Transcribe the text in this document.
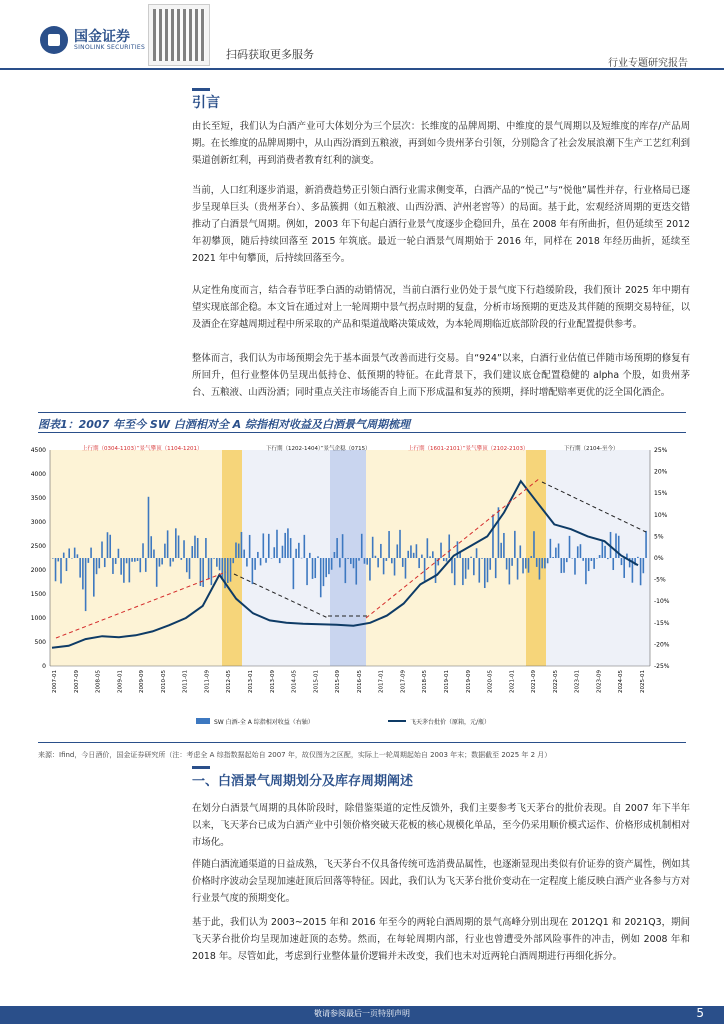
国金证券
SINOLINK SECURITIES
扫码获取更多服务
行业专题研究报告
引言
由长至短，我们认为白酒产业可大体划分为三个层次：长维度的品牌周期、中维度的景气周期以及短维度的库存/产品周期。在长维度的品牌周期中，从山西汾酒到五粮液，再到如今贵州茅台引领，分别隐含了社会发展浪潮下生产工艺红利到渠道创新红利，再到消费者教育红利的演变。
当前，人口红利逐步消退，新消费趋势正引领白酒行业需求侧变革，白酒产品的“悦己”与“悦他”属性并存，行业格局已逐步呈现单巨头（贵州茅台）、多品簇拥（如五粮液、山西汾酒、泸州老窖等）的局面。基于此，宏观经济周期的更迭交错推动了白酒景气周期。例如，2003 年下旬起白酒行业景气度逐步企稳回升，虽在 2008 年有所曲折，但仍延续至 2012 年初攀顶，随后持续回落至 2015 年筑底。最近一轮白酒景气周期始于 2016 年，同样在 2018 年经历曲折，延续至 2021 年中旬攀顶，后持续回落至今。
从定性角度而言，结合春节旺季白酒的动销情况，当前白酒行业仍处于景气度下行趋缓阶段，我们预计 2025 年中期有望实现底部企稳。本文旨在通过对上一轮周期中景气拐点时期的复盘，分析市场预期的更迭及其伴随的预期交易特征，以及酒企在穿越周期过程中所采取的产品和渠道战略决策成效，为本轮周期临近底部阶段的行业配置提供参考。
整体而言，我们认为市场预期会先于基本面景气改善而进行交易。自“924”以来，白酒行业估值已伴随市场预期的修复有所回升，但行业整体仍呈现出低持仓、低预期的特征。在此背景下，我们建议底仓配置稳健的 alpha 个股，如贵州茅台、五粮液、山西汾酒；同时重点关注市场能否自上而下形成温和复苏的预期，择时增配赔率更优的泛全国化酒企。
图表1：2007 年至今 SW 白酒相对全 A 综指相对收益及白酒景气周期梳理
上行期（0304-1103）”景气攀顶（1104-1201）	下行期（1202-1404）”景气企稳（0715）	上行期（1601-2101）”景气攀顶（2102-2103）	下行期（2104-至今）
0
500
1000
1500
2000
2500
3000
3500
4000
4500	25%
20%
15%
10%
5%
0%
-5%
-10%
-15%
-20%
-25%
2007-01	2007-09	2008-05	2009-01	2009-09	2010-05	2011-01	2011-09	2012-05	2013-01	2013-09	2014-05	2015-01	2015-09	2016-05	2017-01	2017-09	2018-05	2019-01	2019-09	2020-05	2021-01	2021-09	2022-05	2023-01	2023-09	2024-05	2025-01
SW 白酒-全 A 综指相对收益（右轴）	飞天茅台批价（原箱，元/瓶）
来源：Ifind，今日酒价，国金证券研究所（注：考虑全 A 综指数据起始自 2007 年，故仅图为之区配，实际上一轮周期起始自 2003 年末；数据截至 2025 年 2 月）
一、白酒景气周期划分及库存周期阐述
在划分白酒景气周期的具体阶段时，除借鉴渠道的定性反馈外，我们主要参考飞天茅台的批价表现。自 2007 年下半年以来，飞天茅台已成为白酒产业中引领价格突破天花板的核心规模化单品，至今仍采用顺价模式运作、价格形成机制相对市场化。
伴随白酒流通渠道的日益成熟，飞天茅台不仅具备传统可选消费品属性，也逐渐显现出类似有价证券的资产属性，例如其价格时序波动会呈现加速赶顶后回落等特征。因此，我们认为飞天茅台批价变动在一定程度上能反映白酒产业各参与方对行业景气度的预期变化。
基于此，我们认为 2003~2015 年和 2016 年至今的两轮白酒周期的景气高峰分别出现在 2012Q1 和 2021Q3，期间飞天茅台批价均呈现加速赶顶的态势。然而，在每轮周期内部，行业也曾遭受外部风险事件的冲击，例如 2008 年和 2018 年。尽管如此，考虑到行业整体量价逻辑并未改变，我们也未对近两轮白酒周期进行再细化拆分。
敬请参阅最后一页特别声明	5
